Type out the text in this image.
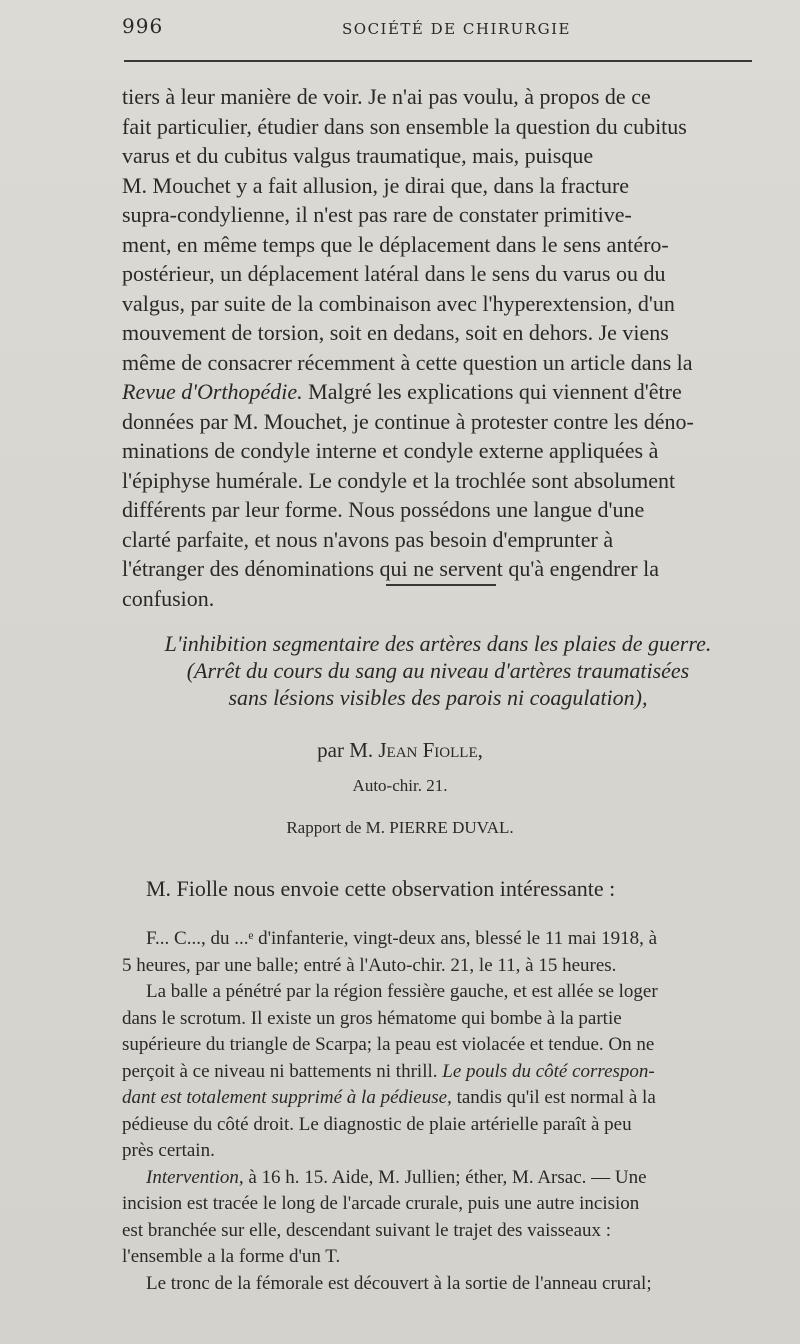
996	SOCIÉTÉ DE CHIRURGIE
tiers à leur manière de voir. Je n'ai pas voulu, à propos de ce
fait particulier, étudier dans son ensemble la question du cubitus
varus et du cubitus valgus traumatique, mais, puisque
M. Mouchet y a fait allusion, je dirai que, dans la fracture
supra-condylienne, il n'est pas rare de constater primitive-
ment, en même temps que le déplacement dans le sens antéro-
postérieur, un déplacement latéral dans le sens du varus ou du
valgus, par suite de la combinaison avec l'hyperextension, d'un
mouvement de torsion, soit en dedans, soit en dehors. Je viens
même de consacrer récemment à cette question un article dans la
Revue d'Orthopédie. Malgré les explications qui viennent d'être
données par M. Mouchet, je continue à protester contre les déno-
minations de condyle interne et condyle externe appliquées à
l'épiphyse humérale. Le condyle et la trochlée sont absolument
différents par leur forme. Nous possédons une langue d'une
clarté parfaite, et nous n'avons pas besoin d'emprunter à
l'étranger des dénominations qui ne servent qu'à engendrer la
confusion.
L'inhibition segmentaire des artères dans les plaies de guerre.
(Arrêt du cours du sang au niveau d'artères traumatisées
sans lésions visibles des parois ni coagulation),
par M. Jean Fiolle,
Auto-chir. 21.
Rapport de M. PIERRE DUVAL.
M. Fiolle nous envoie cette observation intéressante :
F... C..., du ...ᵉ d'infanterie, vingt-deux ans, blessé le 11 mai 1918, à
5 heures, par une balle; entré à l'Auto-chir. 21, le 11, à 15 heures.
La balle a pénétré par la région fessière gauche, et est allée se loger
dans le scrotum. Il existe un gros hématome qui bombe à la partie
supérieure du triangle de Scarpa; la peau est violacée et tendue. On ne
perçoit à ce niveau ni battements ni thrill. Le pouls du côté correspon-
dant est totalement supprimé à la pédieuse, tandis qu'il est normal à la
pédieuse du côté droit. Le diagnostic de plaie artérielle paraît à peu
près certain.
Intervention, à 16 h. 15. Aide, M. Jullien; éther, M. Arsac. — Une
incision est tracée le long de l'arcade crurale, puis une autre incision
est branchée sur elle, descendant suivant le trajet des vaisseaux :
l'ensemble a la forme d'un T.
Le tronc de la fémorale est découvert à la sortie de l'anneau crural;
